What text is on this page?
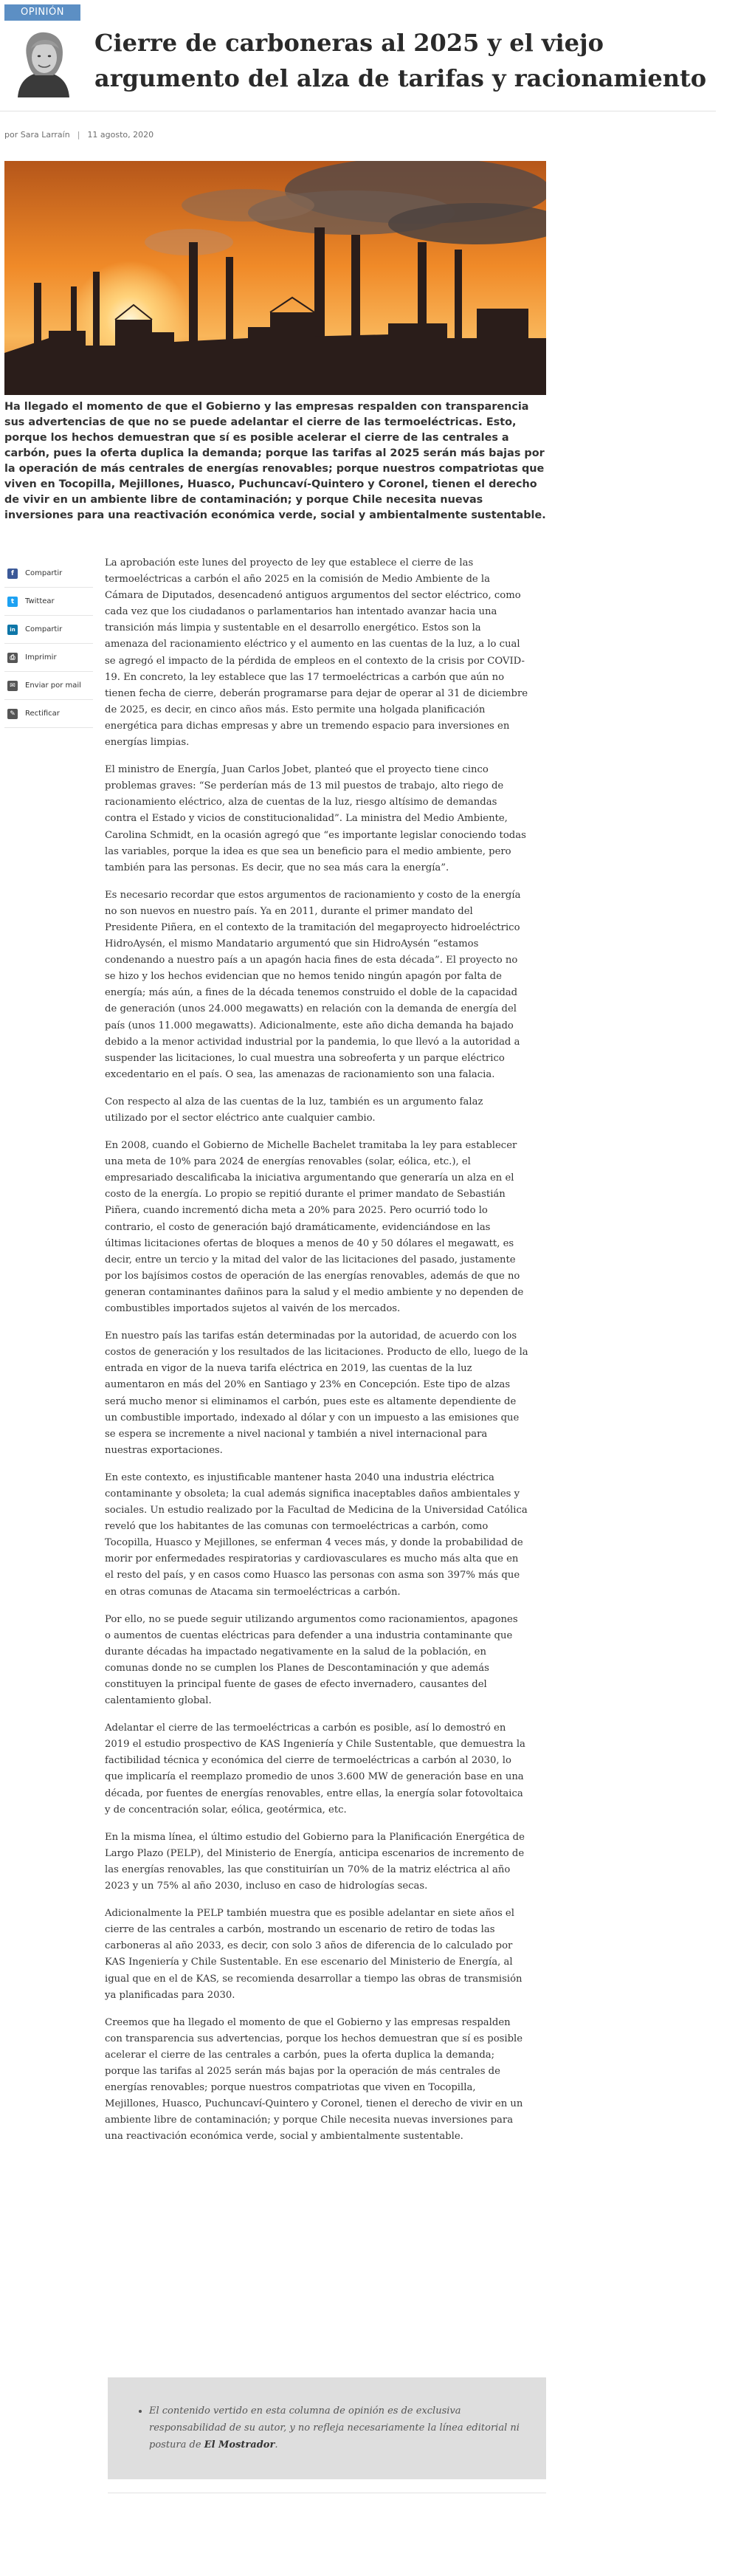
OPINIÓN
Cierre de carboneras al 2025 y el viejo argumento del alza de tarifas y racionamiento
por Sara Larraín | 11 agosto, 2020

Ha llegado el momento de que el Gobierno y las empresas respalden con transparencia sus advertencias de que no se puede adelantar el cierre de las termoeléctricas. Esto, porque los hechos demuestran que sí es posible acelerar el cierre de las centrales a carbón, pues la oferta duplica la demanda; porque las tarifas al 2025 serán más bajas por la operación de más centrales de energías renovables; porque nuestros compatriotas que viven en Tocopilla, Mejillones, Huasco, Puchuncaví-Quintero y Coronel, tienen el derecho de vivir en un ambiente libre de contaminación; y porque Chile necesita nuevas inversiones para una reactivación económica verde, social y ambientalmente sustentable.

f	Compartir
t	Twittear
in	Compartir
⎙	Imprimir
✉	Enviar por mail
✎	Rectificar

La aprobación este lunes del proyecto de ley que establece el cierre de las
termoeléctricas a carbón el año 2025 en la comisión de Medio Ambiente de la
Cámara de Diputados, desencadenó antiguos argumentos del sector eléctrico, como
cada vez que los ciudadanos o parlamentarios han intentado avanzar hacia una
transición más limpia y sustentable en el desarrollo energético. Estos son la
amenaza del racionamiento eléctrico y el aumento en las cuentas de la luz, a lo cual
se agregó el impacto de la pérdida de empleos en el contexto de la crisis por COVID-
19. En concreto, la ley establece que las 17 termoeléctricas a carbón que aún no
tienen fecha de cierre, deberán programarse para dejar de operar al 31 de diciembre
de 2025, es decir, en cinco años más. Esto permite una holgada planificación
energética para dichas empresas y abre un tremendo espacio para inversiones en
energías limpias.

El ministro de Energía, Juan Carlos Jobet, planteó que el proyecto tiene cinco
problemas graves: “Se perderían más de 13 mil puestos de trabajo, alto riego de
racionamiento eléctrico, alza de cuentas de la luz, riesgo altísimo de demandas
contra el Estado y vicios de constitucionalidad”. La ministra del Medio Ambiente,
Carolina Schmidt, en la ocasión agregó que “es importante legislar conociendo todas
las variables, porque la idea es que sea un beneficio para el medio ambiente, pero
también para las personas. Es decir, que no sea más cara la energía”.

Es necesario recordar que estos argumentos de racionamiento y costo de la energía
no son nuevos en nuestro país. Ya en 2011, durante el primer mandato del
Presidente Piñera, en el contexto de la tramitación del megaproyecto hidroeléctrico
HidroAysén, el mismo Mandatario argumentó que sin HidroAysén “estamos
condenando a nuestro país a un apagón hacia fines de esta década”. El proyecto no
se hizo y los hechos evidencian que no hemos tenido ningún apagón por falta de
energía; más aún, a fines de la década tenemos construido el doble de la capacidad
de generación (unos 24.000 megawatts) en relación con la demanda de energía del
país (unos 11.000 megawatts). Adicionalmente, este año dicha demanda ha bajado
debido a la menor actividad industrial por la pandemia, lo que llevó a la autoridad a
suspender las licitaciones, lo cual muestra una sobreoferta y un parque eléctrico
excedentario en el país. O sea, las amenazas de racionamiento son una falacia.

Con respecto al alza de las cuentas de la luz, también es un argumento falaz
utilizado por el sector eléctrico ante cualquier cambio.

En 2008, cuando el Gobierno de Michelle Bachelet tramitaba la ley para establecer
una meta de 10% para 2024 de energías renovables (solar, eólica, etc.), el
empresariado descalificaba la iniciativa argumentando que generaría un alza en el
costo de la energía. Lo propio se repitió durante el primer mandato de Sebastián
Piñera, cuando incrementó dicha meta a 20% para 2025. Pero ocurrió todo lo
contrario, el costo de generación bajó dramáticamente, evidenciándose en las
últimas licitaciones ofertas de bloques a menos de 40 y 50 dólares el megawatt, es
decir, entre un tercio y la mitad del valor de las licitaciones del pasado, justamente
por los bajísimos costos de operación de las energías renovables, además de que no
generan contaminantes dañinos para la salud y el medio ambiente y no dependen de
combustibles importados sujetos al vaivén de los mercados.

En nuestro país las tarifas están determinadas por la autoridad, de acuerdo con los
costos de generación y los resultados de las licitaciones. Producto de ello, luego de la
entrada en vigor de la nueva tarifa eléctrica en 2019, las cuentas de la luz
aumentaron en más del 20% en Santiago y 23% en Concepción. Este tipo de alzas
será mucho menor si eliminamos el carbón, pues este es altamente dependiente de
un combustible importado, indexado al dólar y con un impuesto a las emisiones que
se espera se incremente a nivel nacional y también a nivel internacional para
nuestras exportaciones.

En este contexto, es injustificable mantener hasta 2040 una industria eléctrica
contaminante y obsoleta; la cual además significa inaceptables daños ambientales y
sociales. Un estudio realizado por la Facultad de Medicina de la Universidad Católica
reveló que los habitantes de las comunas con termoeléctricas a carbón, como
Tocopilla, Huasco y Mejillones, se enferman 4 veces más, y donde la probabilidad de
morir por enfermedades respiratorias y cardiovasculares es mucho más alta que en
el resto del país, y en casos como Huasco las personas con asma son 397% más que
en otras comunas de Atacama sin termoeléctricas a carbón.

Por ello, no se puede seguir utilizando argumentos como racionamientos, apagones
o aumentos de cuentas eléctricas para defender a una industria contaminante que
durante décadas ha impactado negativamente en la salud de la población, en
comunas donde no se cumplen los Planes de Descontaminación y que además
constituyen la principal fuente de gases de efecto invernadero, causantes del
calentamiento global.

Adelantar el cierre de las termoeléctricas a carbón es posible, así lo demostró en
2019 el estudio prospectivo de KAS Ingeniería y Chile Sustentable, que demuestra la
factibilidad técnica y económica del cierre de termoeléctricas a carbón al 2030, lo
que implicaría el reemplazo promedio de unos 3.600 MW de generación base en una
década, por fuentes de energías renovables, entre ellas, la energía solar fotovoltaica
y de concentración solar, eólica, geotérmica, etc.

En la misma línea, el último estudio del Gobierno para la Planificación Energética de
Largo Plazo (PELP), del Ministerio de Energía, anticipa escenarios de incremento de
las energías renovables, las que constituirían un 70% de la matriz eléctrica al año
2023 y un 75% al año 2030, incluso en caso de hidrologías secas.

Adicionalmente la PELP también muestra que es posible adelantar en siete años el
cierre de las centrales a carbón, mostrando un escenario de retiro de todas las
carboneras al año 2033, es decir, con solo 3 años de diferencia de lo calculado por
KAS Ingeniería y Chile Sustentable. En ese escenario del Ministerio de Energía, al
igual que en el de KAS, se recomienda desarrollar a tiempo las obras de transmisión
ya planificadas para 2030.

Creemos que ha llegado el momento de que el Gobierno y las empresas respalden
con transparencia sus advertencias, porque los hechos demuestran que sí es posible
acelerar el cierre de las centrales a carbón, pues la oferta duplica la demanda;
porque las tarifas al 2025 serán más bajas por la operación de más centrales de
energías renovables; porque nuestros compatriotas que viven en Tocopilla,
Mejillones, Huasco, Puchuncaví-Quintero y Coronel, tienen el derecho de vivir en un
ambiente libre de contaminación; y porque Chile necesita nuevas inversiones para
una reactivación económica verde, social y ambientalmente sustentable.

• El contenido vertido en esta columna de opinión es de exclusiva
responsabilidad de su autor, y no refleja necesariamente la línea editorial ni
postura de El Mostrador.
